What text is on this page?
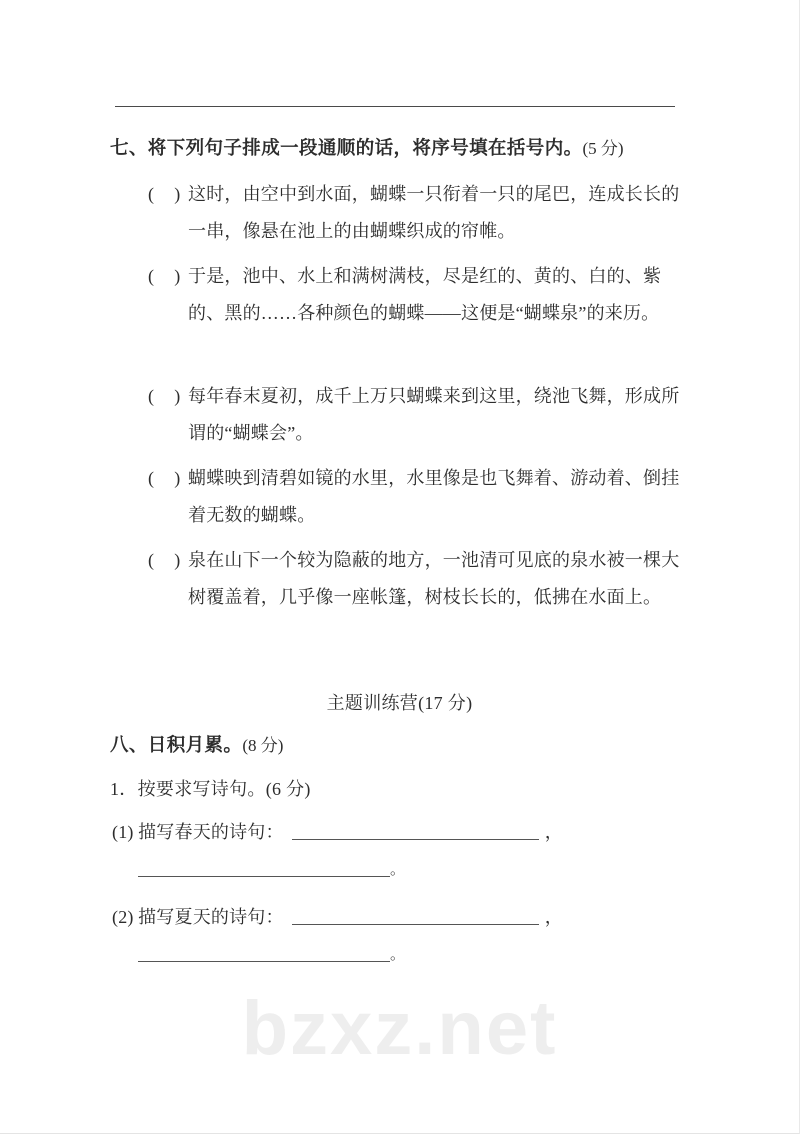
bzxz.net
七、将下列句子排成一段通顺的话，将序号填在括号内。(5 分)
( ) 这时，由空中到水面，蝴蝶一只衔着一只的尾巴，连成长长的一串，像悬在池上的由蝴蝶织成的帘帷。
( ) 于是，池中、水上和满树满枝，尽是红的、黄的、白的、紫的、黑的……各种颜色的蝴蝶——这便是“蝴蝶泉”的来历。
( ) 每年春末夏初，成千上万只蝴蝶来到这里，绕池飞舞，形成所谓的“蝴蝶会”。
( ) 蝴蝶映到清碧如镜的水里，水里像是也飞舞着、游动着、倒挂着无数的蝴蝶。
( ) 泉在山下一个较为隐蔽的地方，一池清可见底的泉水被一棵大树覆盖着，几乎像一座帐篷，树枝长长的，低拂在水面上。
主题训练营(17 分)
八、日积月累。(8 分)
1．按要求写诗句。(6 分)
(1) 描写春天的诗句：	，
。
(2) 描写夏天的诗句：	，
。
